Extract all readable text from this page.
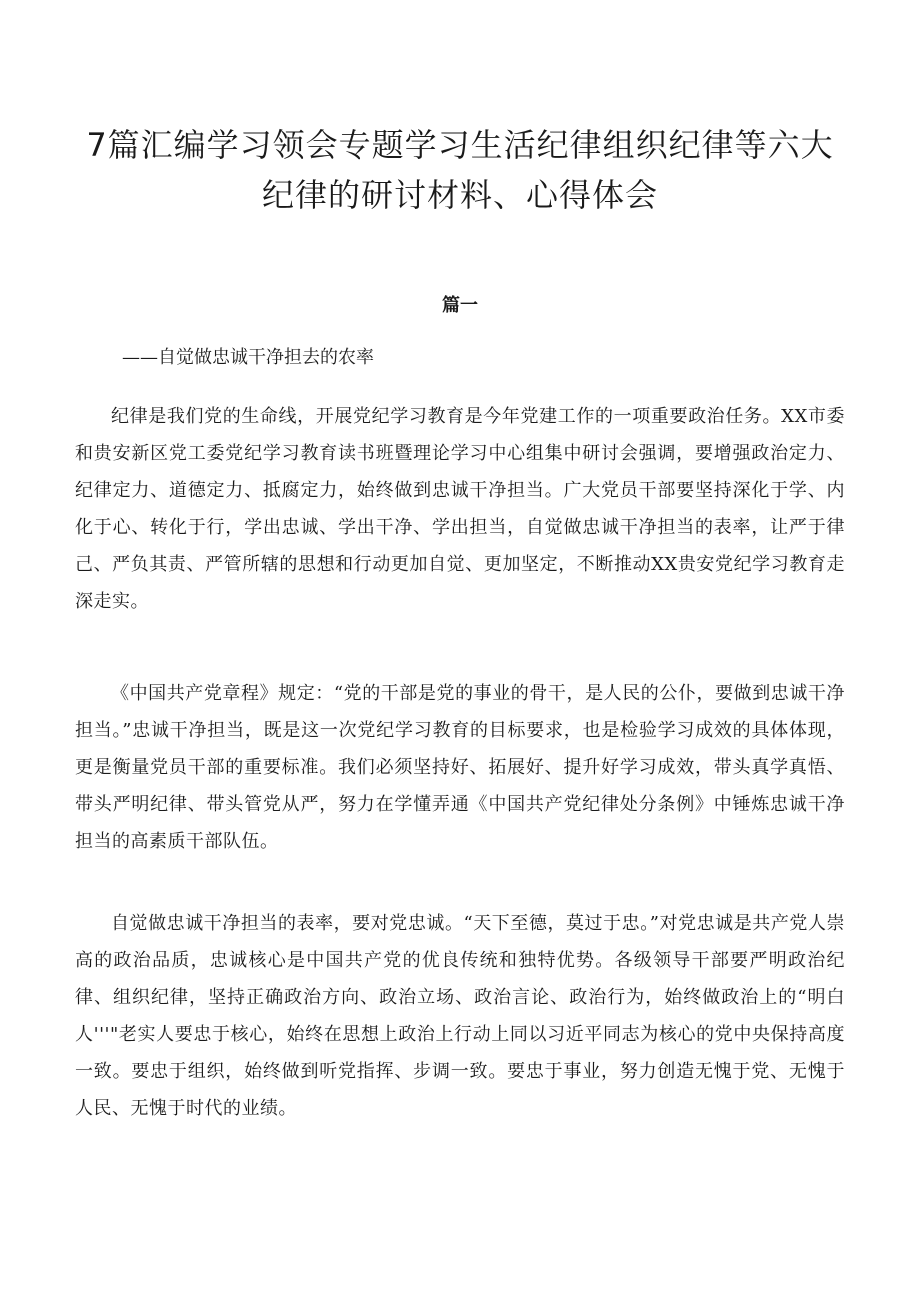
7篇汇编学习领会专题学习生活纪律组织纪律等六大
纪律的研讨材料、心得体会
篇一
——自觉做忠诚干净担去的农率
纪律是我们党的生命线，开展党纪学习教育是今年党建工作的一项重要政治任务。XX市委和贵安新区党工委党纪学习教育读书班暨理论学习中心组集中研讨会强调，要增强政治定力、纪律定力、道德定力、抵腐定力，始终做到忠诚干净担当。广大党员干部要坚持深化于学、内化于心、转化于行，学出忠诚、学出干净、学出担当，自觉做忠诚干净担当的表率，让严于律己、严负其责、严管所辖的思想和行动更加自觉、更加坚定，不断推动XX贵安党纪学习教育走深走实。
《中国共产党章程》规定：“党的干部是党的事业的骨干，是人民的公仆，要做到忠诚干净担当。”忠诚干净担当，既是这一次党纪学习教育的目标要求，也是检验学习成效的具体体现，更是衡量党员干部的重要标准。我们必须坚持好、拓展好、提升好学习成效，带头真学真悟、带头严明纪律、带头管党从严，努力在学懂弄通《中国共产党纪律处分条例》中锤炼忠诚干净担当的高素质干部队伍。
自觉做忠诚干净担当的表率，要对党忠诚。“天下至德，莫过于忠。”对党忠诚是共产党人崇高的政治品质，忠诚核心是中国共产党的优良传统和独特优势。各级领导干部要严明政治纪律、组织纪律，坚持正确政治方向、政治立场、政治言论、政治行为，始终做政治上的“明白人'''"老实人要忠于核心，始终在思想上政治上行动上同以习近平同志为核心的党中央保持高度一致。要忠于组织，始终做到听党指挥、步调一致。要忠于事业，努力创造无愧于党、无愧于人民、无愧于时代的业绩。
